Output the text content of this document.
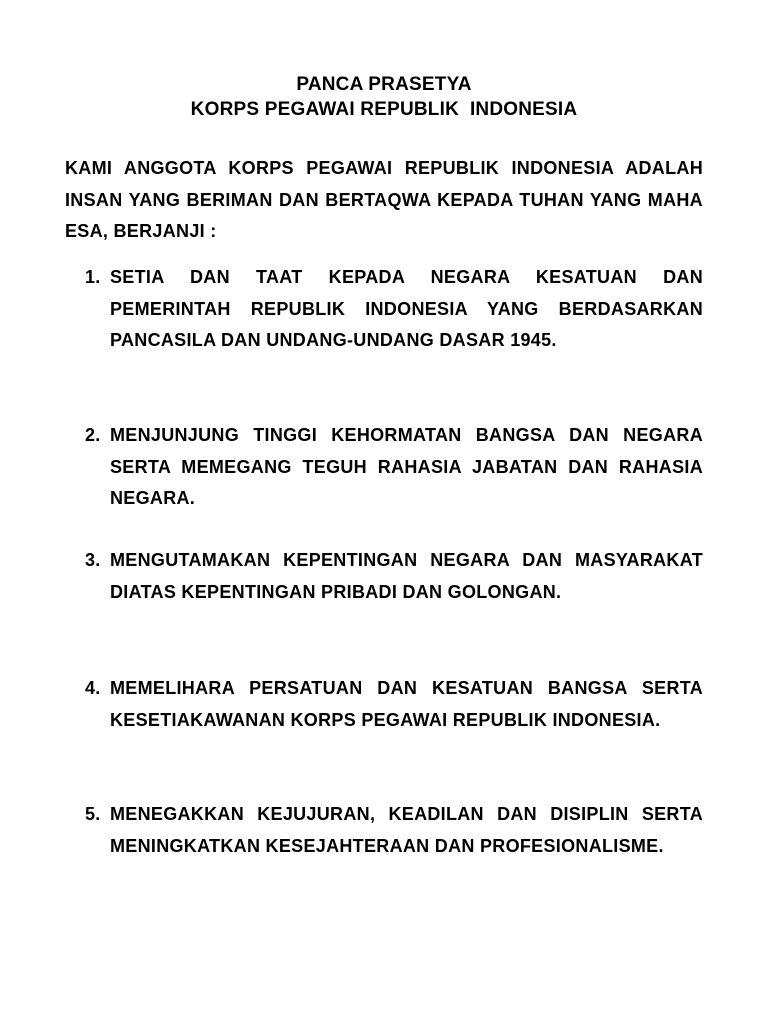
PANCA PRASETYA
KORPS PEGAWAI REPUBLIK  INDONESIA
KAMI ANGGOTA KORPS PEGAWAI REPUBLIK INDONESIA ADALAH INSAN YANG BERIMAN DAN BERTAQWA KEPADA TUHAN YANG MAHA ESA, BERJANJI :
1. SETIA DAN TAAT KEPADA NEGARA KESATUAN DAN PEMERINTAH REPUBLIK INDONESIA YANG BERDASARKAN PANCASILA DAN UNDANG-UNDANG DASAR 1945.
2. MENJUNJUNG TINGGI KEHORMATAN BANGSA DAN NEGARA SERTA MEMEGANG TEGUH RAHASIA JABATAN DAN RAHASIA NEGARA.
3. MENGUTAMAKAN KEPENTINGAN NEGARA DAN MASYARAKAT DIATAS KEPENTINGAN PRIBADI DAN GOLONGAN.
4. MEMELIHARA PERSATUAN DAN KESATUAN BANGSA SERTA KESETIAKAWANAN KORPS PEGAWAI REPUBLIK INDONESIA.
5. MENEGAKKAN KEJUJURAN, KEADILAN DAN DISIPLIN SERTA MENINGKATKAN KESEJAHTERAAN DAN PROFESIONALISME.
